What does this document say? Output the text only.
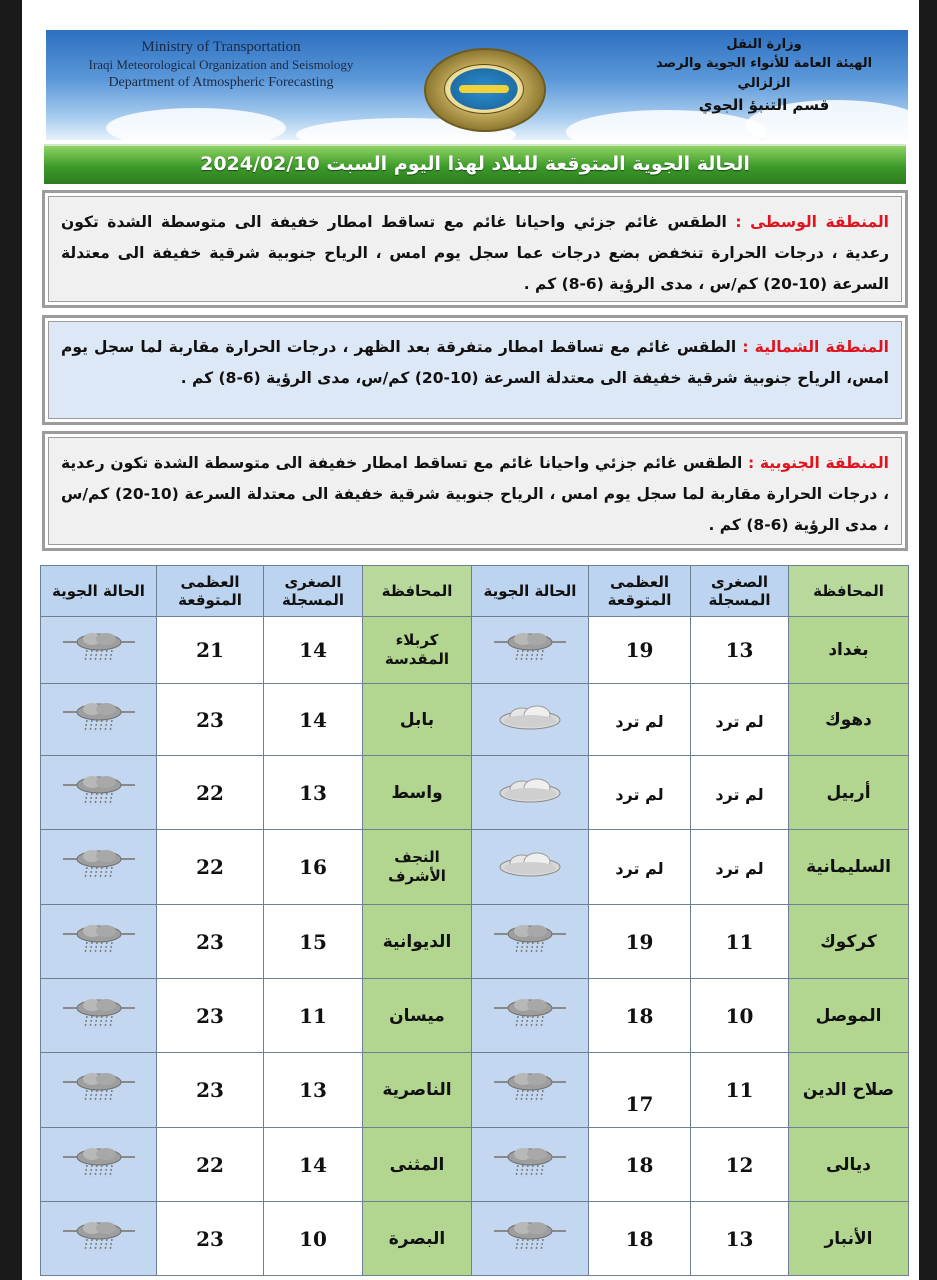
Ministry of Transportation
Iraqi Meteorological Organization and Seismology
Department of Atmospheric Forecasting
وزارة النقل
الهيئة العامة للأنواء الجوية والرصد الزلزالي
قسم التنبؤ الجوي
الحالة الجوية المتوقعة للبلاد لهذا اليوم السبت 2024/02/10

المنطقة الوسطى : الطقس غائم جزئي واحيانا غائم مع تساقط امطار خفيفة الى متوسطة الشدة تكون رعدية ، درجات الحرارة تنخفض بضع درجات عما سجل يوم امس ، الرياح جنوبية شرقية خفيفة الى معتدلة السرعة (10-20) كم/س ، مدى الرؤية (6-8) كم .

المنطقة الشمالية : الطقس غائم مع تساقط امطار متفرقة بعد الظهر ، درجات الحرارة مقاربة لما سجل يوم امس، الرياح جنوبية شرقية خفيفة الى معتدلة السرعة (10-20) كم/س، مدى الرؤية (6-8) كم .

المنطقة الجنوبية : الطقس غائم جزئي واحيانا غائم مع تساقط امطار خفيفة الى متوسطة الشدة تكون رعدية ، درجات الحرارة مقاربة لما سجل يوم امس ، الرياح جنوبية شرقية خفيفة الى معتدلة السرعة (10-20) كم/س ، مدى الرؤية (6-8) كم .

الحالة الجوية	العظمى المتوقعة	الصغرى المسجلة	المحافظة	الحالة الجوية	العظمى المتوقعة	الصغرى المسجلة	المحافظة
	21	14	كربلاء المقدسة		19	13	بغداد
	23	14	بابل		لم ترد	لم ترد	دهوك
	22	13	واسط		لم ترد	لم ترد	أربيل
	22	16	النجف الأشرف		لم ترد	لم ترد	السليمانية
	23	15	الديوانية		19	11	كركوك
	23	11	ميسان		18	10	الموصل
	23	13	الناصرية		17	11	صلاح الدين
	22	14	المثنى		18	12	ديالى
	23	10	البصرة		18	13	الأنبار
